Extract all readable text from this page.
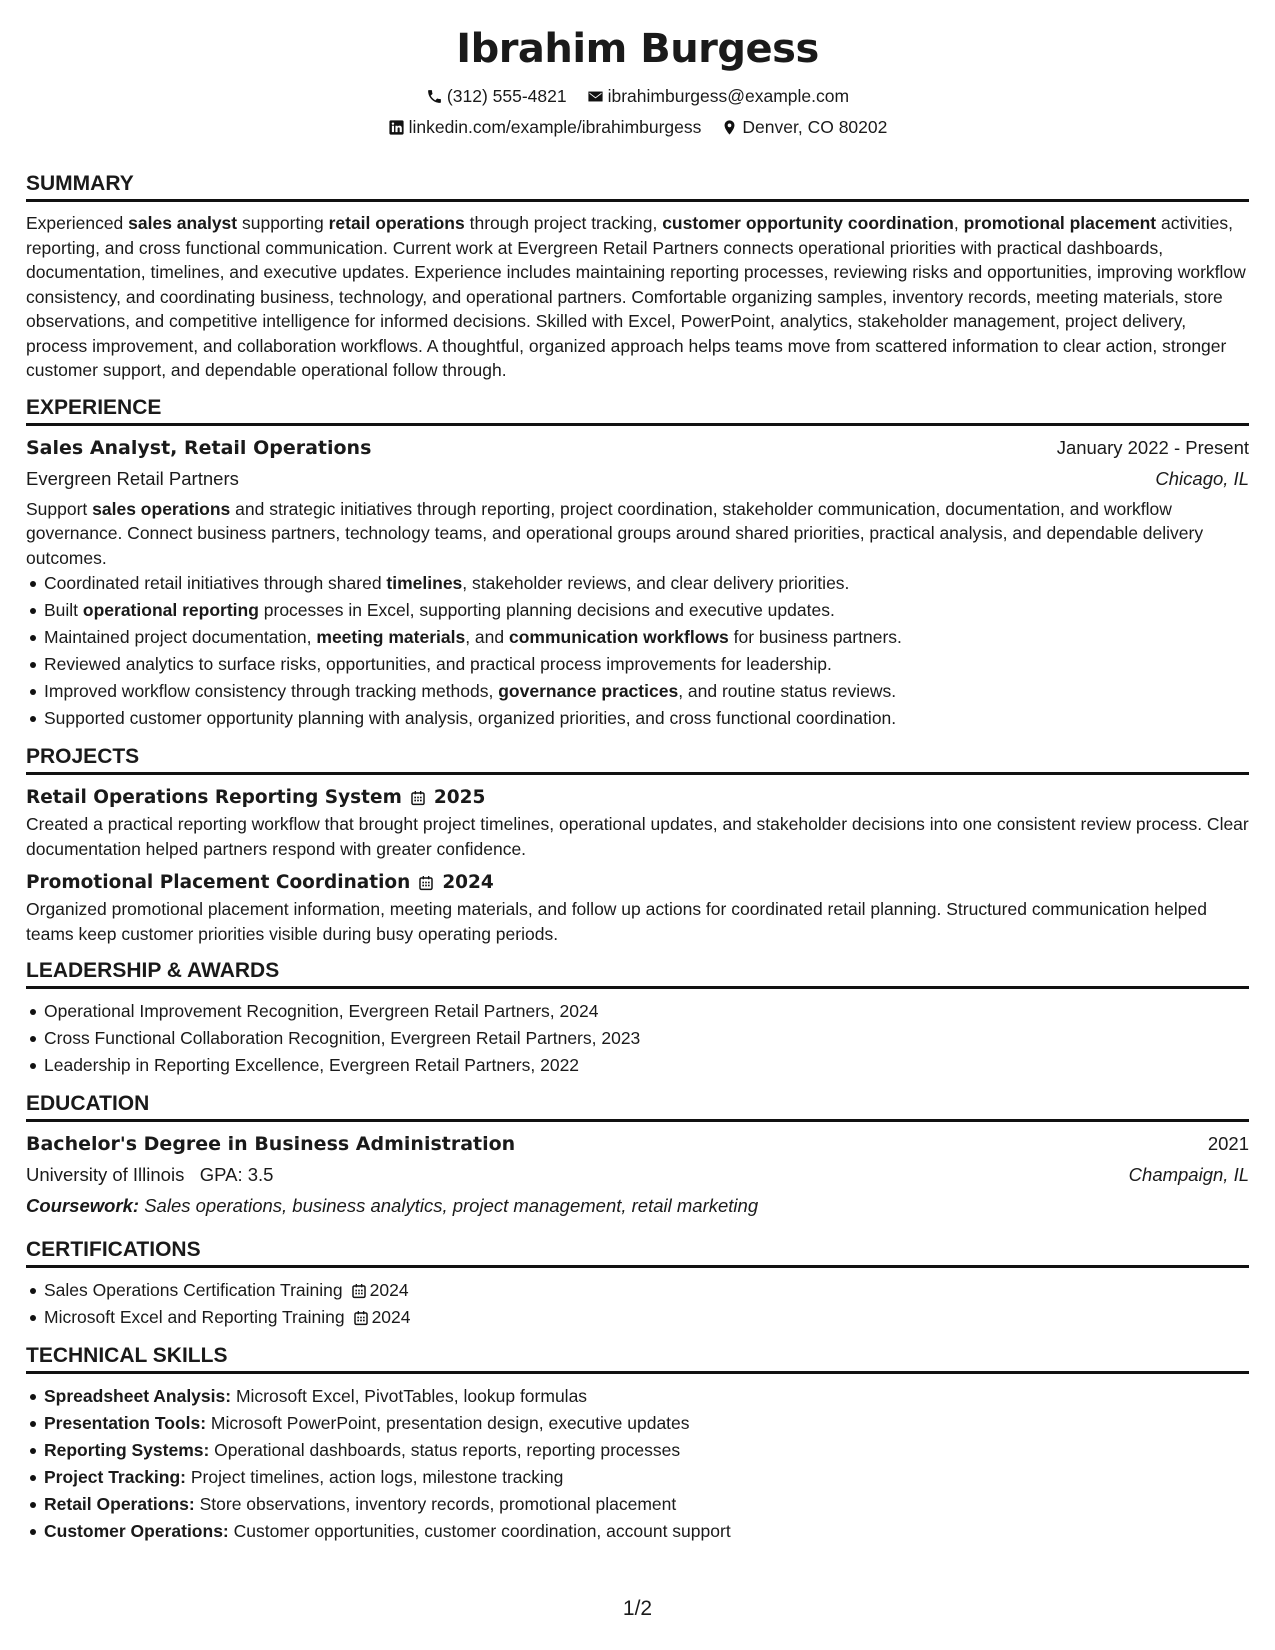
Ibrahim Burgess
(312) 555-4821 ibrahimburgess@example.com
linkedin.com/example/ibrahimburgess Denver, CO 80202
SUMMARY

Experienced sales analyst supporting retail operations through project tracking, customer opportunity coordination, promotional placement activities, reporting, and cross functional communication. Current work at Evergreen Retail Partners connects operational priorities with practical dashboards, documentation, timelines, and executive updates. Experience includes maintaining reporting processes, reviewing risks and opportunities, improving workflow consistency, and coordinating business, technology, and operational partners. Comfortable organizing samples, inventory records, meeting materials, store observations, and competitive intelligence for informed decisions. Skilled with Excel, PowerPoint, analytics, stakeholder management, project delivery, process improvement, and collaboration workflows. A thoughtful, organized approach helps teams move from scattered information to clear action, stronger customer support, and dependable operational follow through.

EXPERIENCE
Sales Analyst, Retail Operations	January 2022 - Present
Evergreen Retail Partners	Chicago, IL

Support sales operations and strategic initiatives through reporting, project coordination, stakeholder communication, documentation, and workflow governance. Connect business partners, technology teams, and operational groups around shared priorities, practical analysis, and dependable delivery outcomes.

Coordinated retail initiatives through shared timelines, stakeholder reviews, and clear delivery priorities.
Built operational reporting processes in Excel, supporting planning decisions and executive updates.
Maintained project documentation, meeting materials, and communication workflows for business partners.
Reviewed analytics to surface risks, opportunities, and practical process improvements for leadership.
Improved workflow consistency through tracking methods, governance practices, and routine status reviews.
Supported customer opportunity planning with analysis, organized priorities, and cross functional coordination.
PROJECTS
Retail Operations Reporting System 2025

Created a practical reporting workflow that brought project timelines, operational updates, and stakeholder decisions into one consistent review process. Clear documentation helped partners respond with greater confidence.

Promotional Placement Coordination 2024

Organized promotional placement information, meeting materials, and follow up actions for coordinated retail planning. Structured communication helped teams keep customer priorities visible during busy operating periods.

LEADERSHIP & AWARDS
Operational Improvement Recognition, Evergreen Retail Partners, 2024
Cross Functional Collaboration Recognition, Evergreen Retail Partners, 2023
Leadership in Reporting Excellence, Evergreen Retail Partners, 2022
EDUCATION
Bachelor's Degree in Business Administration	2021
University of Illinois GPA: 3.5	Champaign, IL

Coursework: Sales operations, business analytics, project management, retail marketing

CERTIFICATIONS
Sales Operations Certification Training 2024
Microsoft Excel and Reporting Training 2024
TECHNICAL SKILLS
Spreadsheet Analysis: Microsoft Excel, PivotTables, lookup formulas
Presentation Tools: Microsoft PowerPoint, presentation design, executive updates
Reporting Systems: Operational dashboards, status reports, reporting processes
Project Tracking: Project timelines, action logs, milestone tracking
Retail Operations: Store observations, inventory records, promotional placement
Customer Operations: Customer opportunities, customer coordination, account support
1/2
